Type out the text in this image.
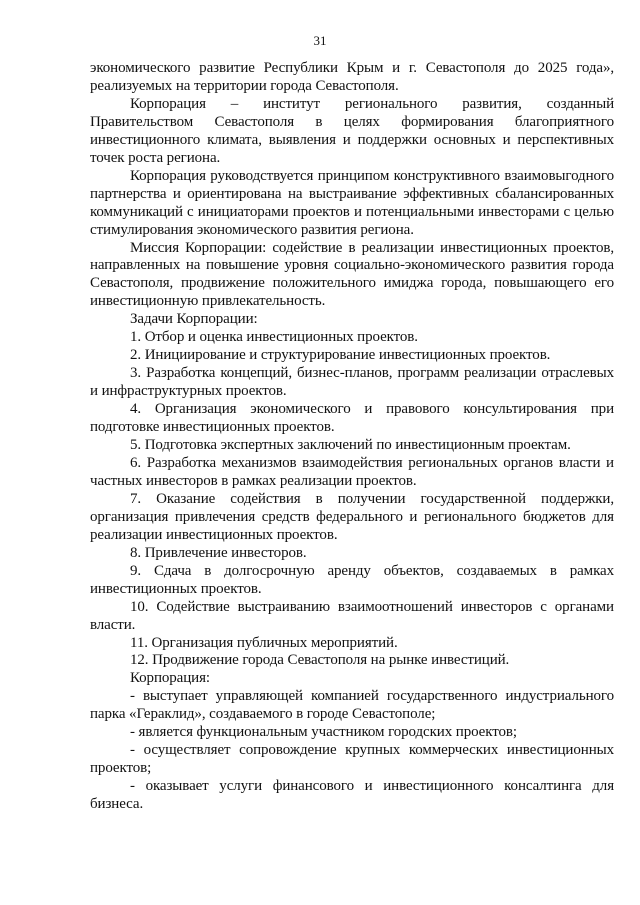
31

экономического развитие Республики Крым и г. Севастополя до 2025 года», реализуемых на территории города Севастополя.

Корпорация – институт регионального развития, созданный Правительством Севастополя в целях формирования благоприятного инвестиционного климата, выявления и поддержки основных и перспективных точек роста региона.

Корпорация руководствуется принципом конструктивного взаимовыгодного партнерства и ориентирована на выстраивание эффективных сбалансированных коммуникаций с инициаторами проектов и потенциальными инвесторами с целью стимулирования экономического развития региона.

Миссия Корпорации: содействие в реализации инвестиционных проектов, направленных на повышение уровня социально-экономического развития города Севастополя, продвижение положительного имиджа города, повышающего его инвестиционную привлекательность.

Задачи Корпорации:

1. Отбор и оценка инвестиционных проектов.

2. Инициирование и структурирование инвестиционных проектов.

3. Разработка концепций, бизнес-планов, программ реализации отраслевых и инфраструктурных проектов.

4. Организация экономического и правового консультирования при подготовке инвестиционных проектов.

5. Подготовка экспертных заключений по инвестиционным проектам.

6. Разработка механизмов взаимодействия региональных органов власти и частных инвесторов в рамках реализации проектов.

7. Оказание содействия в получении государственной поддержки, организация привлечения средств федерального и регионального бюджетов для реализации инвестиционных проектов.

8. Привлечение инвесторов.

9. Сдача в долгосрочную аренду объектов, создаваемых в рамках инвестиционных проектов.

10. Содействие выстраиванию взаимоотношений инвесторов с органами власти.

11. Организация публичных мероприятий.

12. Продвижение города Севастополя на рынке инвестиций.

Корпорация:

- выступает управляющей компанией государственного индустриального парка «Гераклид», создаваемого в городе Севастополе;

- является функциональным участником городских проектов;

- осуществляет сопровождение крупных коммерческих инвестиционных проектов;

- оказывает услуги финансового и инвестиционного консалтинга для бизнеса.
